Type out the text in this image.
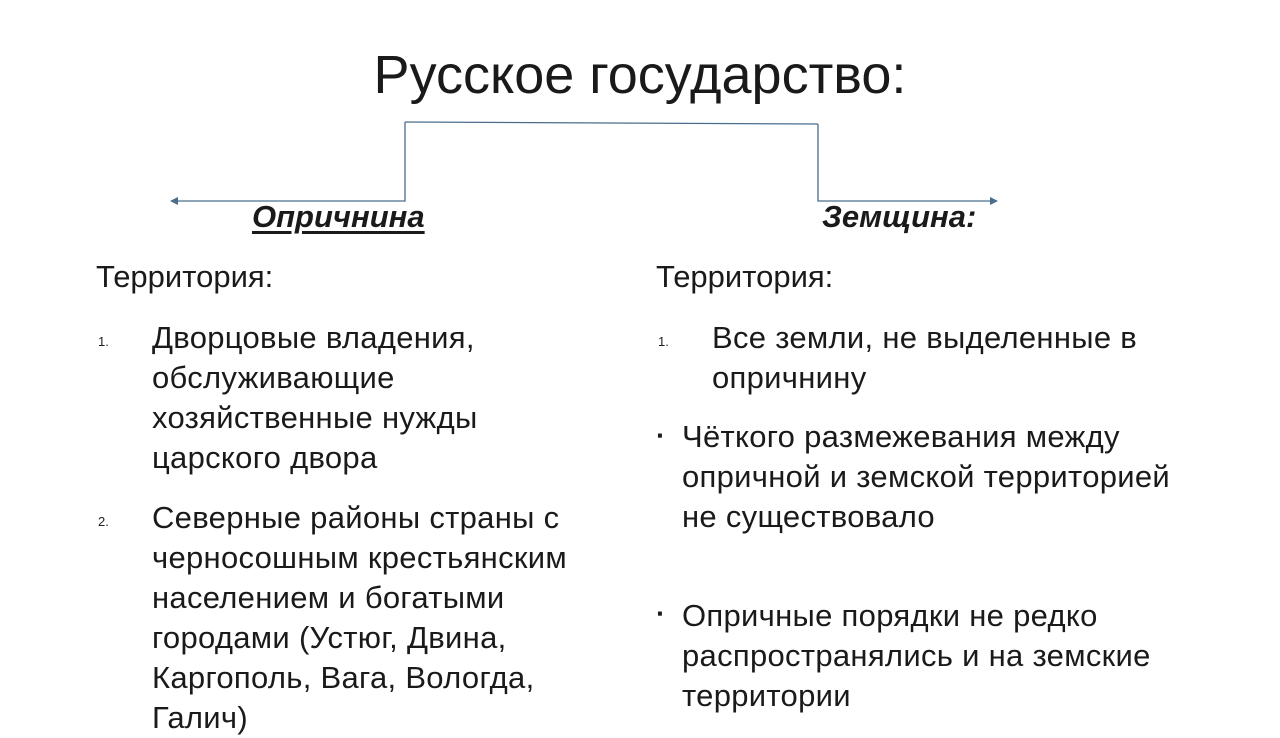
Русское государство:
Опричнина
Территория:
1. Дворцовые владения, обслуживающие хозяйственные нужды царского двора
2. Северные районы страны с черносошным крестьянским населением и богатыми городами (Устюг, Двина, Каргополь, Вага, Вологда, Галич)
Земщина:
Территория:
1. Все земли, не выделенные в опричнину
∙ Чёткого размежевания между опричной и земской территорией не существовало
∙ Опричные порядки не редко распространялись и на земские территории
